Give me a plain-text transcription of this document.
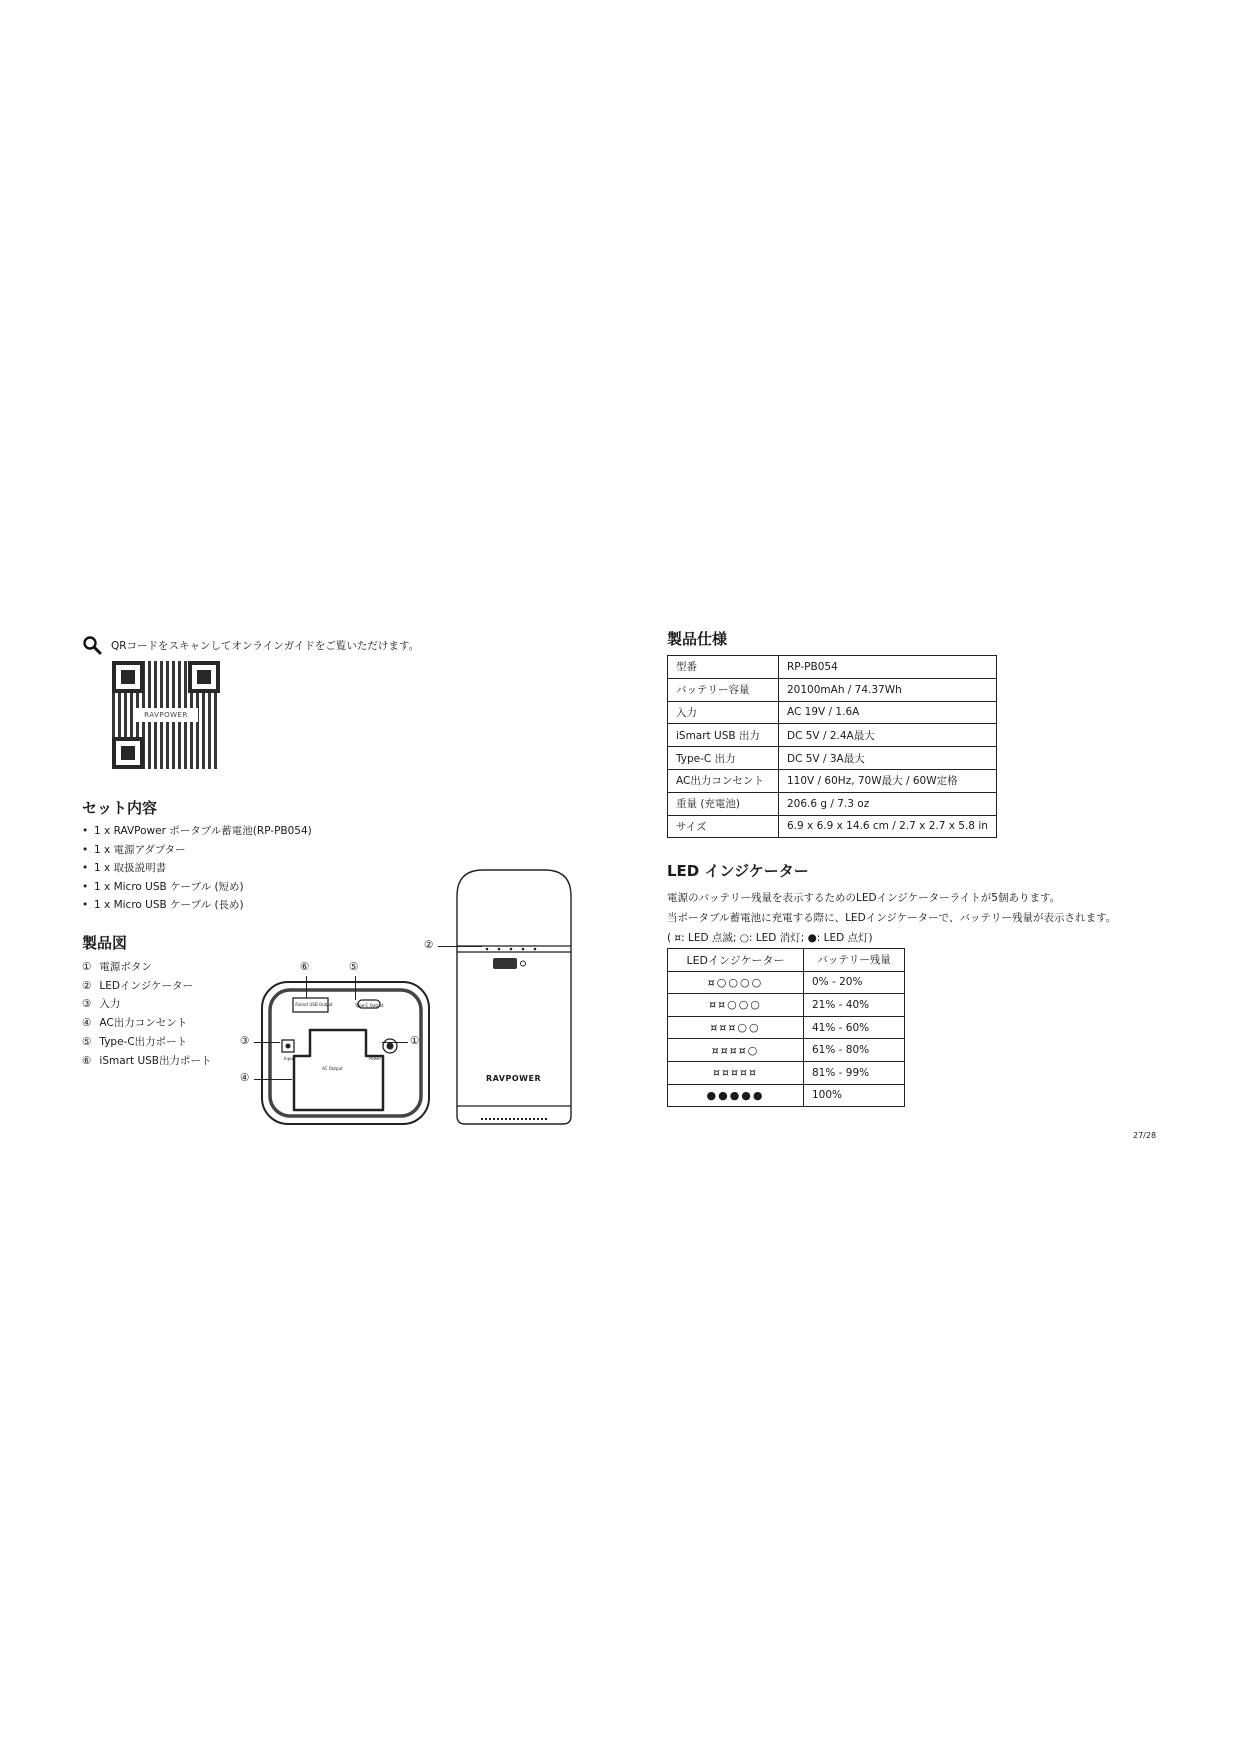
QRコードをスキャンしてオンラインガイドをご覧いただけます。
RAVPOWER
セット内容
• 1 x RAVPower ポータブル蓄電池(RP-PB054)
• 1 x 電源アダプター
• 1 x 取扱説明書
• 1 x Micro USB ケーブル (短め)
• 1 x Micro USB ケーブル (長め)
製品図
① 電源ボタン
② LEDインジケーター
③ 入力
④ AC出力コンセント
⑤ Type-C出力ポート
⑥ iSmart USB出力ポート
iSmart USB Output	Type-C Output
Input	Power
AC Output
⑥	⑤
③	①
④
②
RAVPOWER
製品仕様
型番	RP-PB054
バッテリー容量	20100mAh / 74.37Wh
入力	AC 19V / 1.6A
iSmart USB 出力	DC 5V / 2.4A最大
Type-C 出力	DC 5V / 3A最大
AC出力コンセント	110V / 60Hz, 70W最大 / 60W定格
重量 (充電池)	206.6 g / 7.3 oz
サイズ	6.9 x 6.9 x 14.6 cm / 2.7 x 2.7 x 5.8 in
LED インジケーター
電源のバッテリー残量を表示するためのLEDインジケーターライトが5個あります。
当ポータブル蓄電池に充電する際に、LEDインジケーターで、バッテリー残量が表示されます。
( ¤: LED 点滅; ○: LED 消灯; ●: LED 点灯)
LEDインジケーター	バッテリー残量
¤○○○○	0% - 20%
¤¤○○○	21% - 40%
¤¤¤○○	41% - 60%
¤¤¤¤○	61% - 80%
¤¤¤¤¤	81% - 99%
●●●●●	100%
27/28
